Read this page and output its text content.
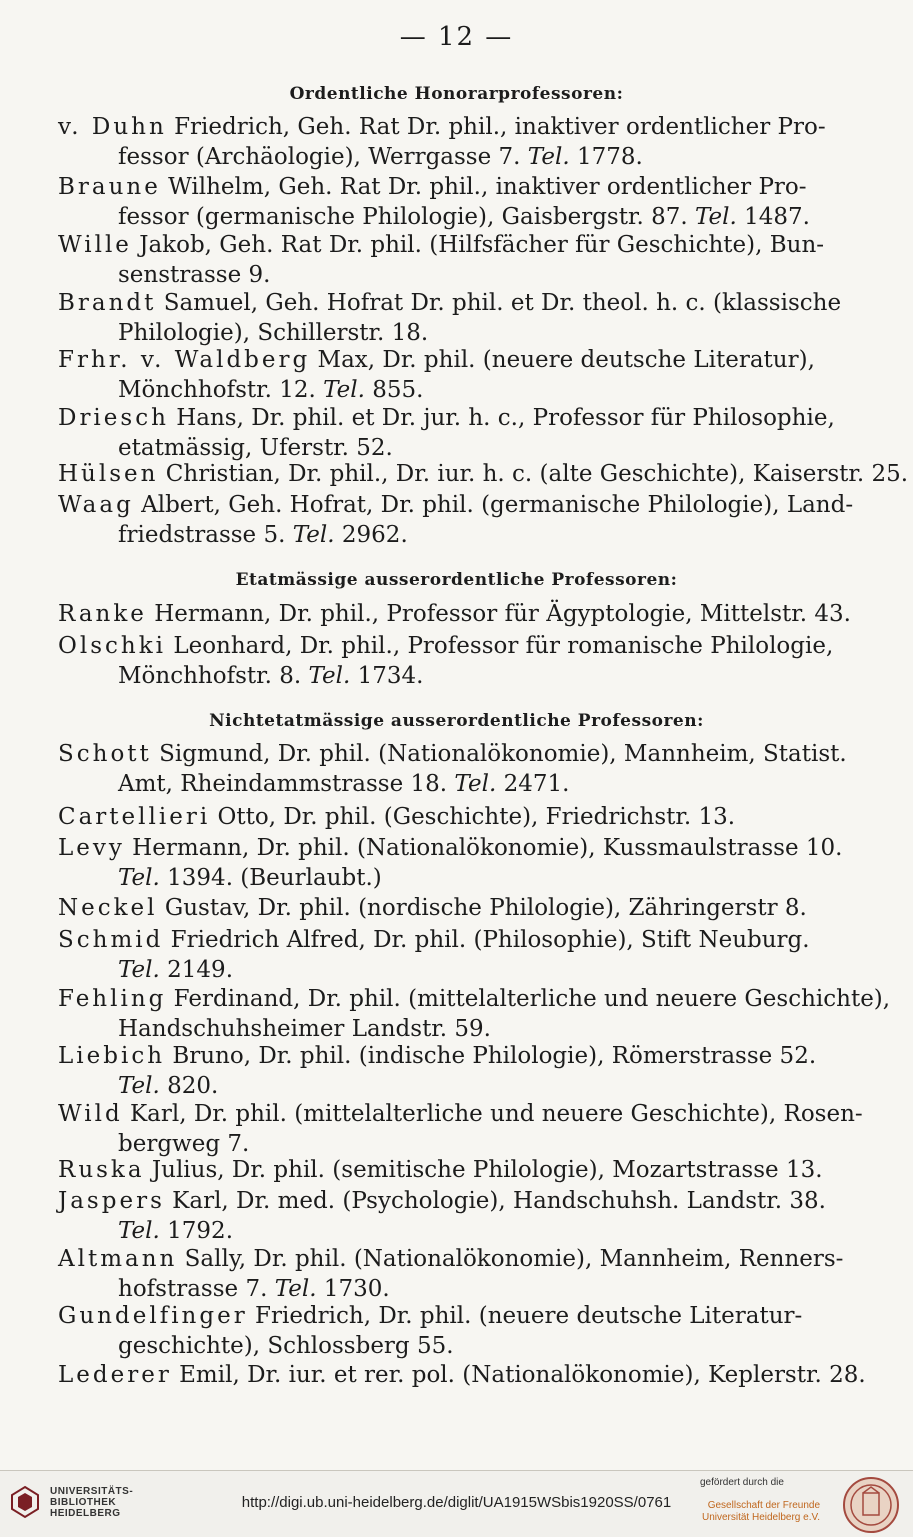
— 12 —
Ordentliche Honorarprofessoren:
v. Duhn Friedrich, Geh. Rat Dr. phil., inaktiver ordentlicher Pro-
fessor (Archäologie), Werrgasse 7. Tel. 1778.
Braune Wilhelm, Geh. Rat Dr. phil., inaktiver ordentlicher Pro-
fessor (germanische Philologie), Gaisbergstr. 87. Tel. 1487.
Wille Jakob, Geh. Rat Dr. phil. (Hilfsfächer für Geschichte), Bun-
senstrasse 9.
Brandt Samuel, Geh. Hofrat Dr. phil. et Dr. theol. h. c. (klassische
Philologie), Schillerstr. 18.
Frhr. v. Waldberg Max, Dr. phil. (neuere deutsche Literatur),
Mönchhofstr. 12. Tel. 855.
Driesch Hans, Dr. phil. et Dr. jur. h. c., Professor für Philosophie,
etatmässig, Uferstr. 52.
Hülsen Christian, Dr. phil., Dr. iur. h. c. (alte Geschichte), Kaiserstr. 25.
Waag Albert, Geh. Hofrat, Dr. phil. (germanische Philologie), Land-
friedstrasse 5. Tel. 2962.
Etatmässige ausserordentliche Professoren:
Ranke Hermann, Dr. phil., Professor für Ägyptologie, Mittelstr. 43.
Olschki Leonhard, Dr. phil., Professor für romanische Philologie,
Mönchhofstr. 8. Tel. 1734.
Nichtetatmässige ausserordentliche Professoren:
Schott Sigmund, Dr. phil. (Nationalökonomie), Mannheim, Statist.
Amt, Rheindammstrasse 18. Tel. 2471.
Cartellieri Otto, Dr. phil. (Geschichte), Friedrichstr. 13.
Levy Hermann, Dr. phil. (Nationalökonomie), Kussmaulstrasse 10.
Tel. 1394. (Beurlaubt.)
Neckel Gustav, Dr. phil. (nordische Philologie), Zähringerstr 8.
Schmid Friedrich Alfred, Dr. phil. (Philosophie), Stift Neuburg.
Tel. 2149.
Fehling Ferdinand, Dr. phil. (mittelalterliche und neuere Geschichte),
Handschuhsheimer Landstr. 59.
Liebich Bruno, Dr. phil. (indische Philologie), Römerstrasse 52.
Tel. 820.
Wild Karl, Dr. phil. (mittelalterliche und neuere Geschichte), Rosen-
bergweg 7.
Ruska Julius, Dr. phil. (semitische Philologie), Mozartstrasse 13.
Jaspers Karl, Dr. med. (Psychologie), Handschuhsh. Landstr. 38.
Tel. 1792.
Altmann Sally, Dr. phil. (Nationalökonomie), Mannheim, Renners-
hofstrasse 7. Tel. 1730.
Gundelfinger Friedrich, Dr. phil. (neuere deutsche Literatur-
geschichte), Schlossberg 55.
Lederer Emil, Dr. iur. et rer. pol. (Nationalökonomie), Keplerstr. 28.
UNIVERSITÄTS-
BIBLIOTHEK
HEIDELBERG
http://digi.ub.uni-heidelberg.de/diglit/UA1915WSbis1920SS/0761
gefördert durch die
Gesellschaft der Freunde
Universität Heidelberg e.V.
